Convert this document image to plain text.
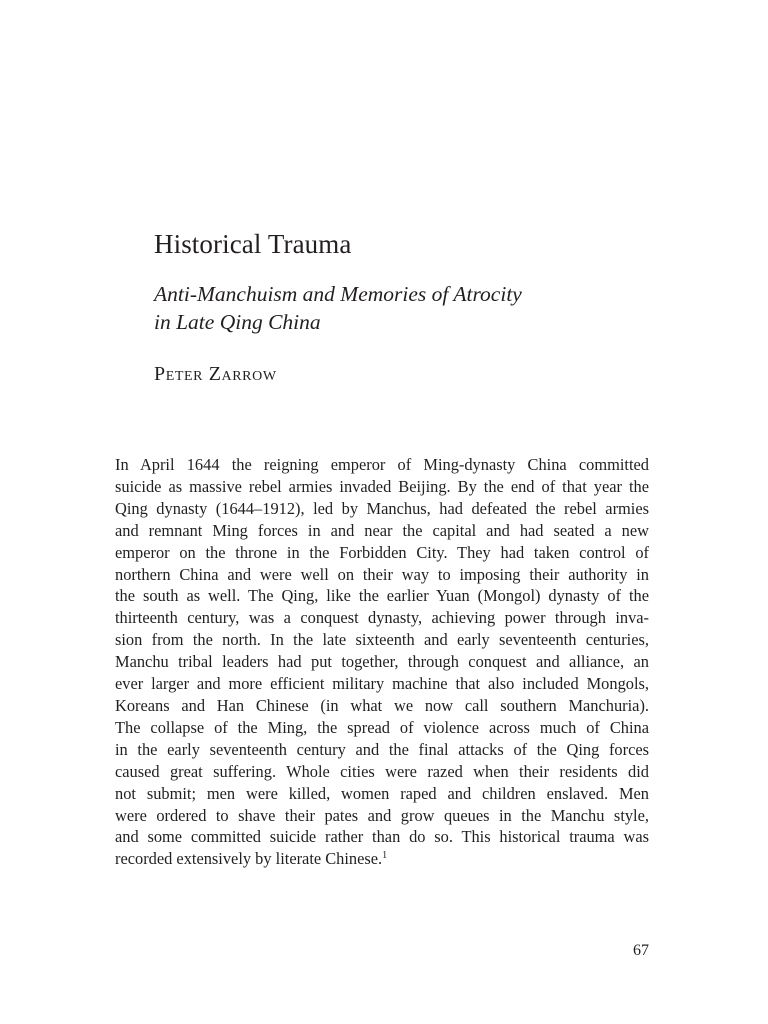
Historical Trauma
Anti-Manchuism and Memories of Atrocity
in Late Qing China
Peter Zarrow

In April 1644 the reigning emperor of Ming-dynasty China committed
suicide as massive rebel armies invaded Beijing. By the end of that year the
Qing dynasty (1644–1912), led by Manchus, had defeated the rebel armies
and remnant Ming forces in and near the capital and had seated a new
emperor on the throne in the Forbidden City. They had taken control of
northern China and were well on their way to imposing their authority in
the south as well. The Qing, like the earlier Yuan (Mongol) dynasty of the
thirteenth century, was a conquest dynasty, achieving power through inva-
sion from the north. In the late sixteenth and early seventeenth centuries,
Manchu tribal leaders had put together, through conquest and alliance, an
ever larger and more efficient military machine that also included Mongols,
Koreans and Han Chinese (in what we now call southern Manchuria).
The collapse of the Ming, the spread of violence across much of China
in the early seventeenth century and the final attacks of the Qing forces
caused great suffering. Whole cities were razed when their residents did
not submit; men were killed, women raped and children enslaved. Men
were ordered to shave their pates and grow queues in the Manchu style,
and some committed suicide rather than do so. This historical trauma was
recorded extensively by literate Chinese.$^1$

67
